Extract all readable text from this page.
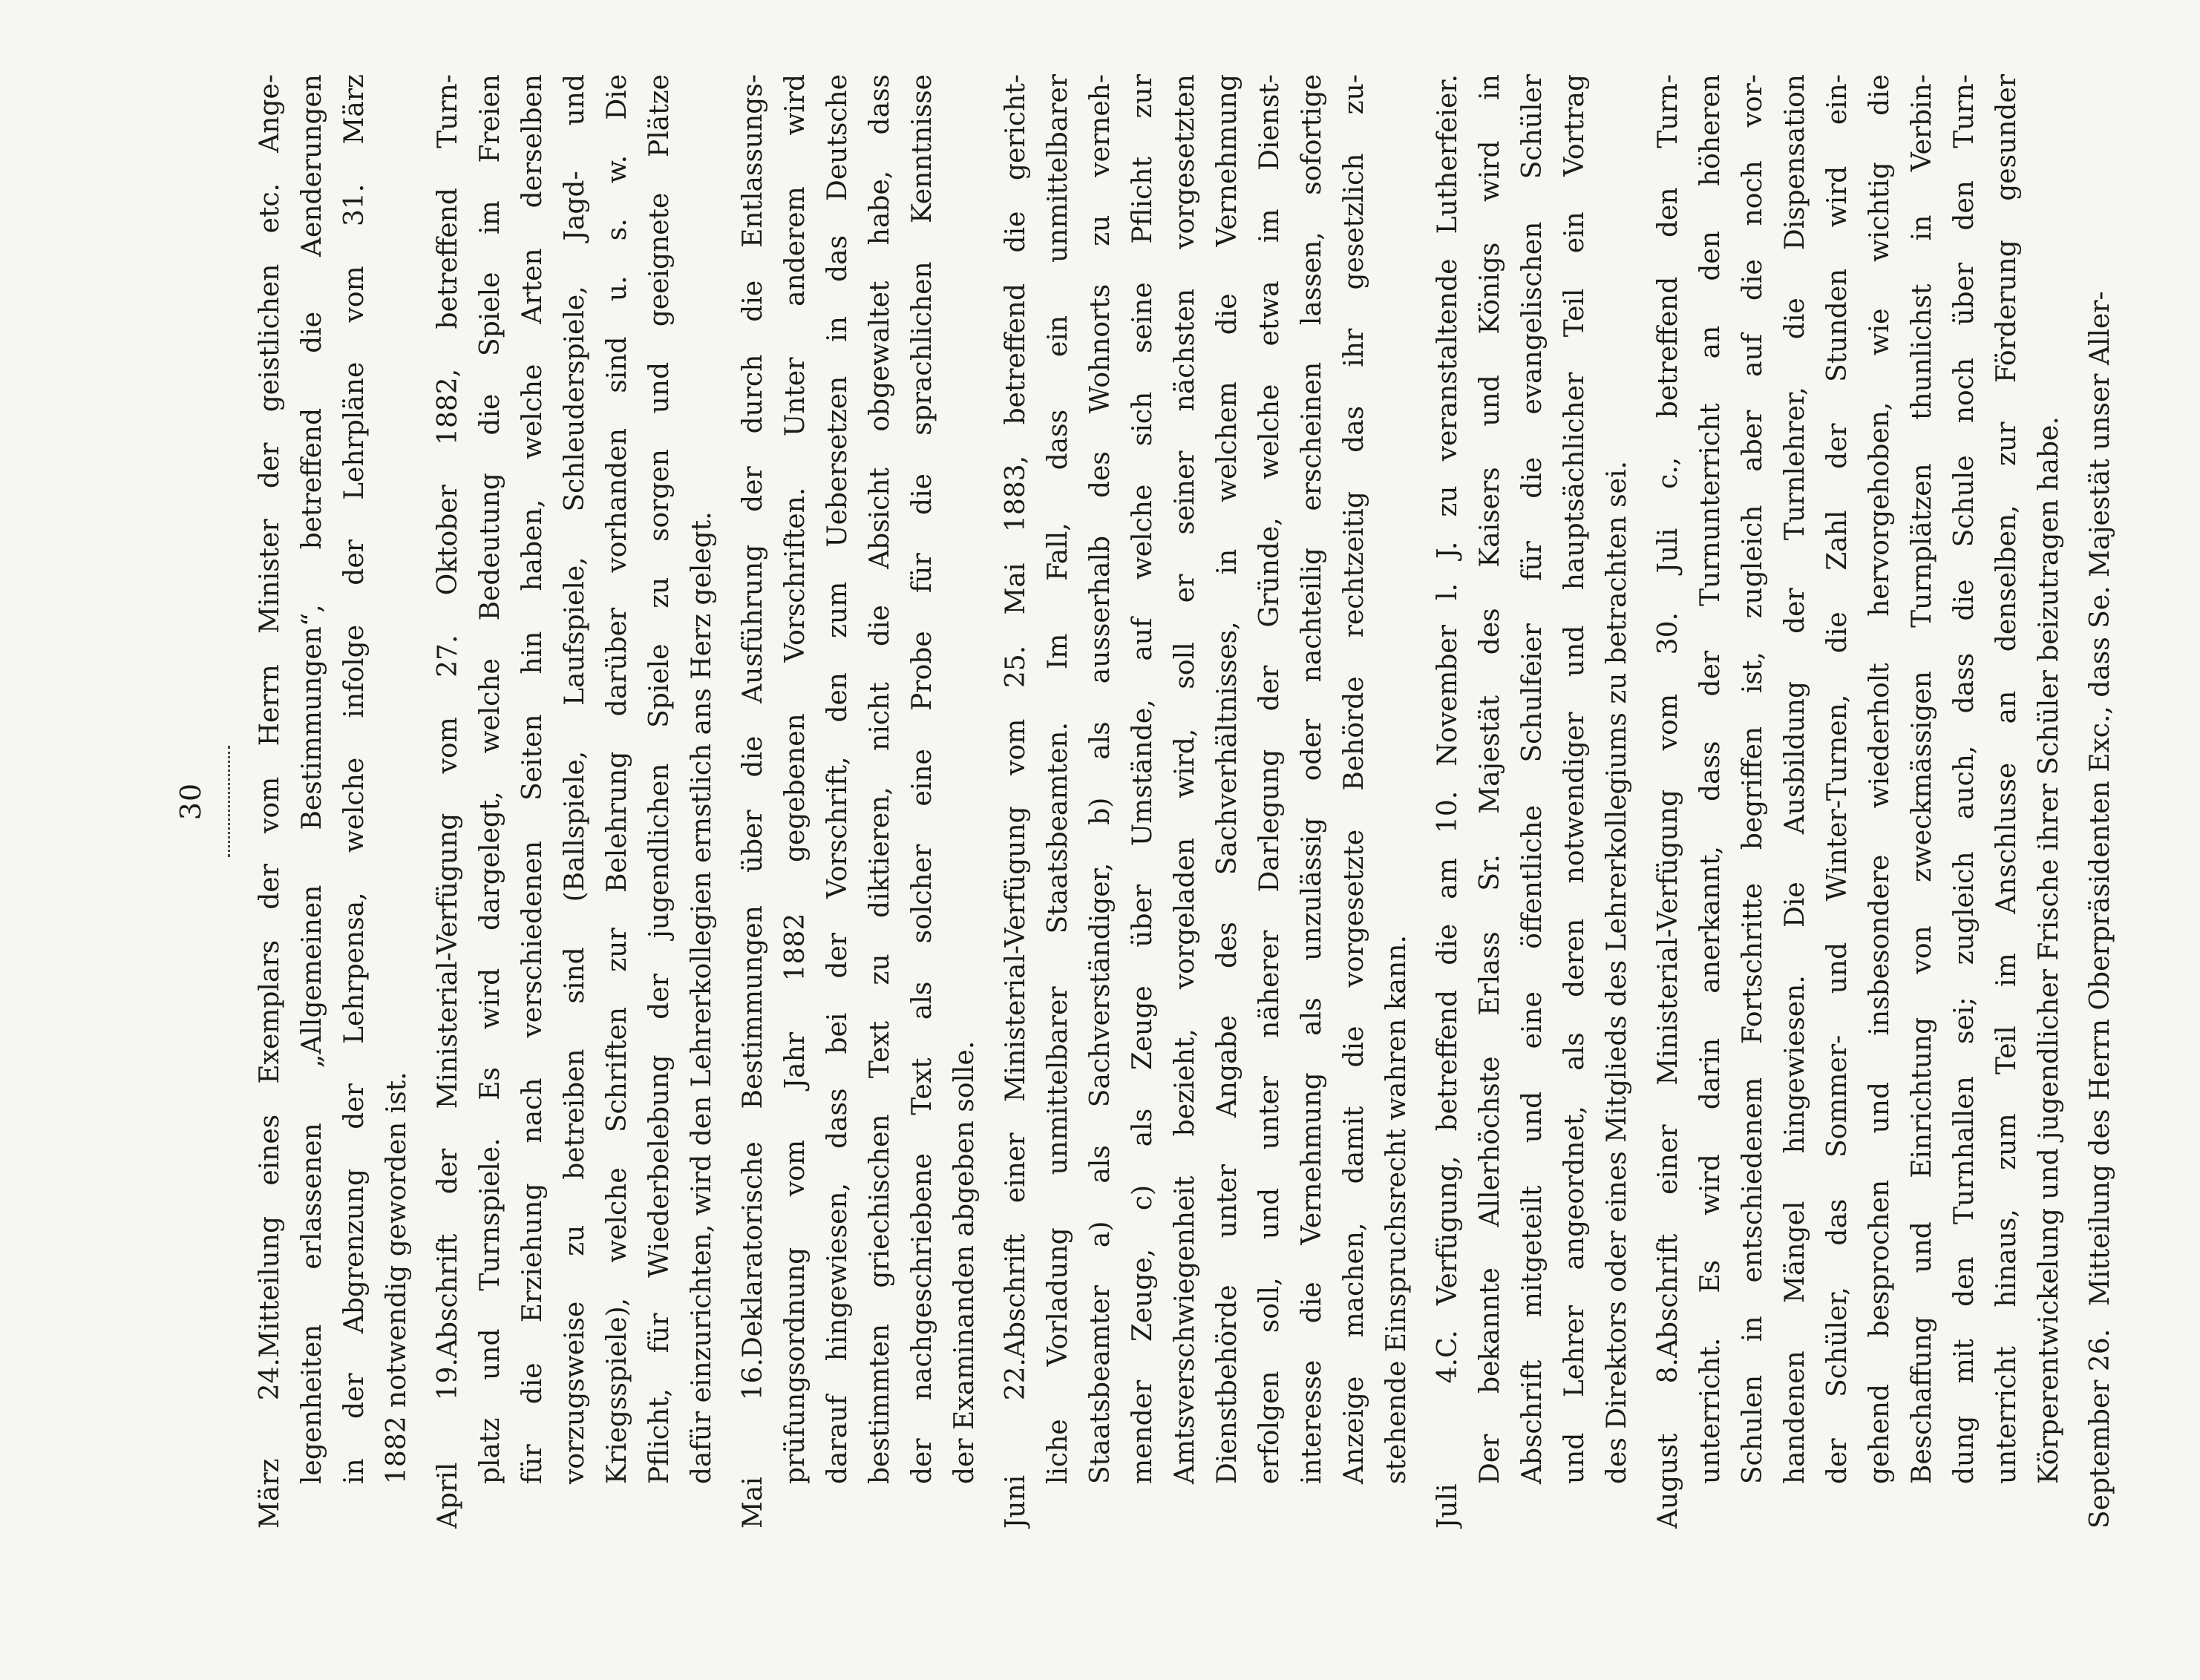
30
März 24.
Mitteilung eines Exemplars der vom Herrn Minister der geistlichen etc. Ange- legenheiten erlassenen „Allgemeinen Bestimmungen“, betreffend die Aenderungen in der Abgrenzung der Lehrpensa, welche infolge der Lehrpläne vom 31. März 1882 notwendig geworden ist. April 19.
Abschrift der Ministerial-Verfügung vom 27. Oktober 1882, betreffend Turn- platz und Turnspiele. Es wird dargelegt, welche Bedeutung die Spiele im Freien für die Erziehung nach verschiedenen Seiten hin haben, welche Arten derselben vorzugsweise zu betreiben sind (Ballspiele, Laufspiele, Schleuderspiele, Jagd- und Kriegsspiele), welche Schriften zur Belehrung darüber vorhanden sind u. s. w. Die Pflicht, für Wiederbelebung der jugendlichen Spiele zu sorgen und geeignete Plätze dafür einzurichten, wird den Lehrerkollegien ernstlich ans Herz gelegt. Mai 16.
Deklaratorische Bestimmungen über die Ausführung der durch die Entlassungs- prüfungsordnung vom Jahr 1882 gegebenen Vorschriften. Unter anderem wird darauf hingewiesen, dass bei der Vorschrift, den zum Uebersetzen in das Deutsche bestimmten griechischen Text zu diktieren, nicht die Absicht obgewaltet habe, dass der nachgeschriebene Text als solcher eine Probe für die sprachlichen Kenntnisse der Examinanden abgeben solle. Juni 22.
Abschrift einer Ministerial-Verfügung vom 25. Mai 1883, betreffend die gericht- liche Vorladung unmittelbarer Staatsbeamten. Im Fall, dass ein unmittelbarer Staatsbeamter a) als Sachverständiger, b) als ausserhalb des Wohnorts zu verneh- mender Zeuge, c) als Zeuge über Umstände, auf welche sich seine Pflicht zur Amtsverschwiegenheit bezieht, vorgeladen wird, soll er seiner nächsten vorgesetzten Dienstbehörde unter Angabe des Sachverhältnisses, in welchem die Vernehmung erfolgen soll, und unter näherer Darlegung der Gründe, welche etwa im Dienst- interesse die Vernehmung als unzulässig oder nachteilig erscheinen lassen, sofortige Anzeige machen, damit die vorgesetzte Behörde rechtzeitig das ihr gesetzlich zu- stehende Einspruchsrecht wahren kann. Juli 4.
C. Verfügung, betreffend die am 10. November l. J. zu veranstaltende Lutherfeier. Der bekannte Allerhöchste Erlass Sr. Majestät des Kaisers und Königs wird in Abschrift mitgeteilt und eine öffentliche Schulfeier für die evangelischen Schüler und Lehrer angeordnet, als deren notwendiger und hauptsächlicher Teil ein Vortrag des Direktors oder eines Mitglieds des Lehrerkollegiums zu betrachten sei. August 8.
Abschrift einer Ministerial-Verfügung vom 30. Juli c., betreffend den Turn- unterricht. Es wird darin anerkannt, dass der Turnunterricht an den höheren Schulen in entschiedenem Fortschritte begriffen ist, zugleich aber auf die noch vor- handenen Mängel hingewiesen. Die Ausbildung der Turnlehrer, die Dispensation der Schüler, das Sommer- und Winter-Turnen, die Zahl der Stunden wird ein- gehend besprochen und insbesondere wiederholt hervorgehoben, wie wichtig die Beschaffung und Einrichtung von zweckmässigen Turnplätzen thunlichst in Verbin- dung mit den Turnhallen sei; zugleich auch, dass die Schule noch über den Turn- unterricht hinaus, zum Teil im Anschlusse an denselben, zur Förderung gesunder Körperentwickelung und jugendlicher Frische ihrer Schüler beizutragen habe. September 26.
Mitteilung des Herrn Oberpräsidenten Exc., dass Se. Majestät unser Aller-
